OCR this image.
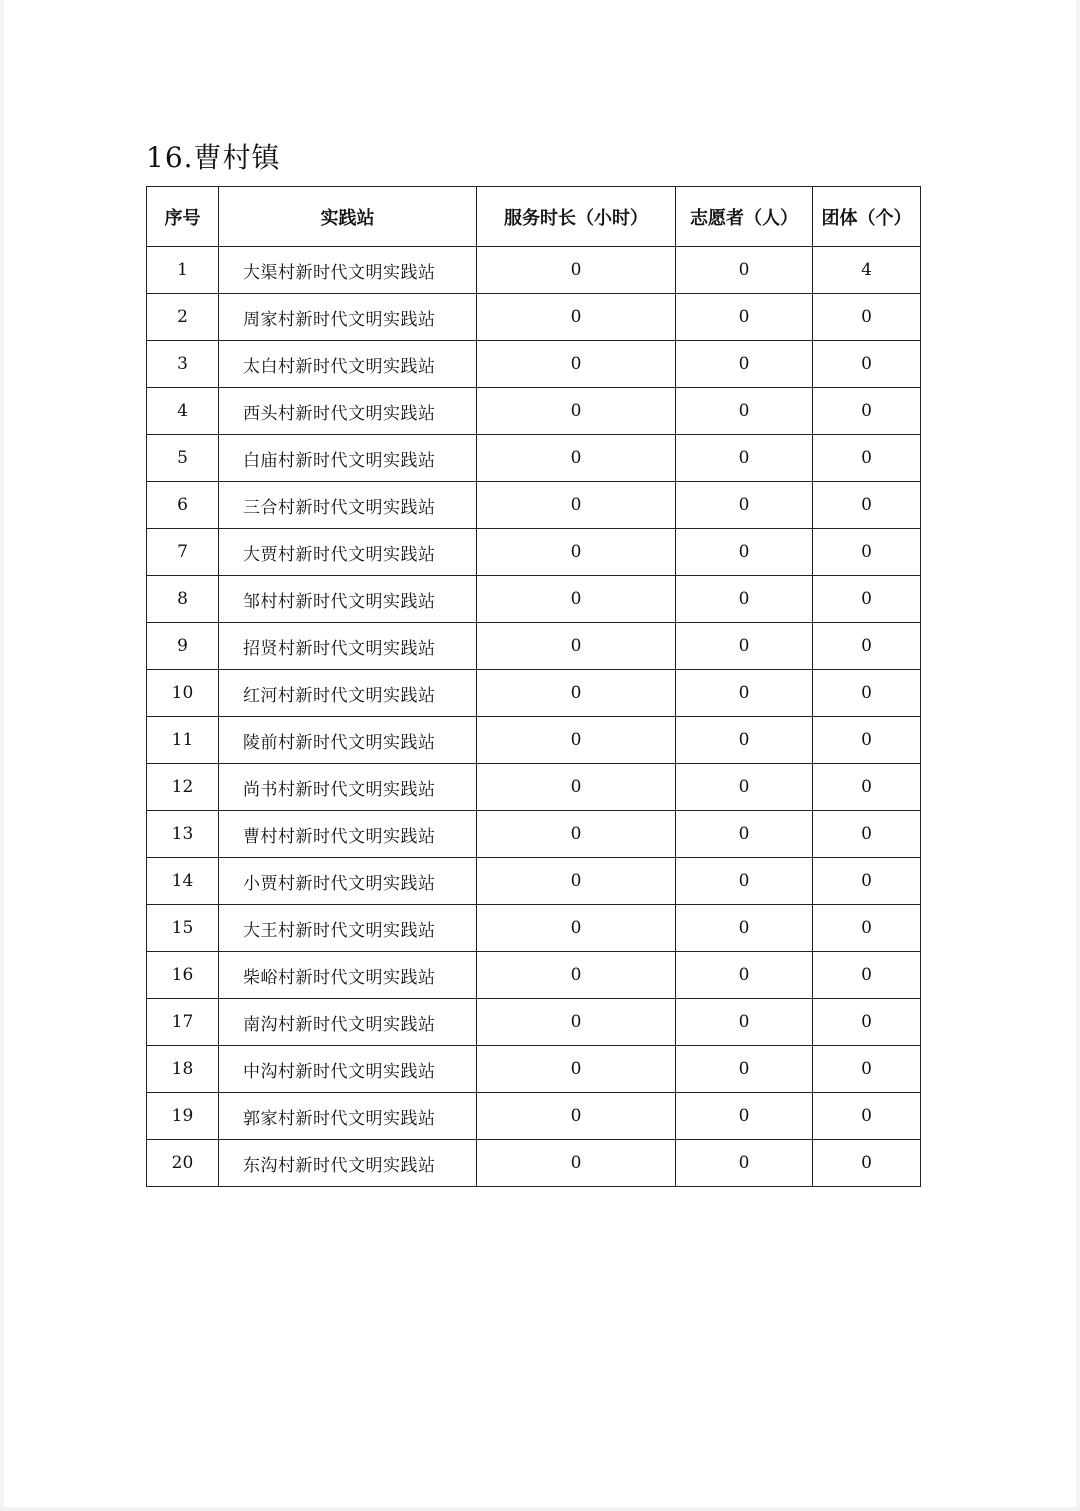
16.曹村镇
序号	实践站	服务时长（小时）	志愿者（人）	团体（个）
1	大渠村新时代文明实践站	0	0	4
2	周家村新时代文明实践站	0	0	0
3	太白村新时代文明实践站	0	0	0
4	西头村新时代文明实践站	0	0	0
5	白庙村新时代文明实践站	0	0	0
6	三合村新时代文明实践站	0	0	0
7	大贾村新时代文明实践站	0	0	0
8	邹村村新时代文明实践站	0	0	0
9	招贤村新时代文明实践站	0	0	0
10	红河村新时代文明实践站	0	0	0
11	陵前村新时代文明实践站	0	0	0
12	尚书村新时代文明实践站	0	0	0
13	曹村村新时代文明实践站	0	0	0
14	小贾村新时代文明实践站	0	0	0
15	大王村新时代文明实践站	0	0	0
16	柴峪村新时代文明实践站	0	0	0
17	南沟村新时代文明实践站	0	0	0
18	中沟村新时代文明实践站	0	0	0
19	郭家村新时代文明实践站	0	0	0
20	东沟村新时代文明实践站	0	0	0
